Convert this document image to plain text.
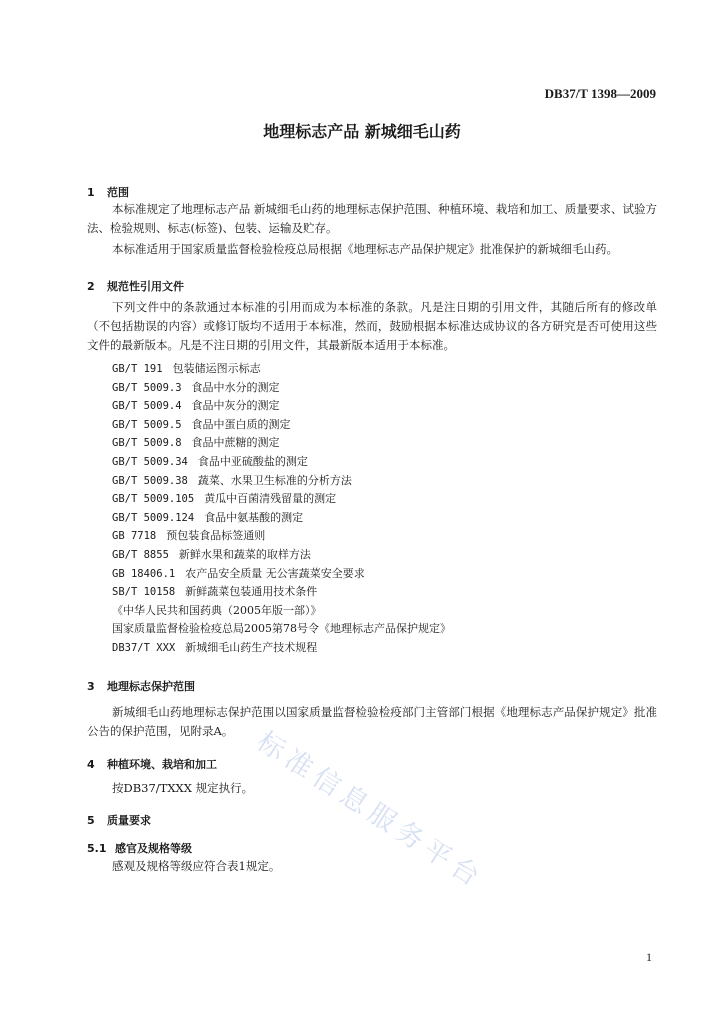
DB37/T 1398—2009
地理标志产品 新城细毛山药
1 范围

本标准规定了地理标志产品 新城细毛山药的地理标志保护范围、种植环境、栽培和加工、质量要求、试验方法、检验规则、标志(标签)、包装、运输及贮存。

本标准适用于国家质量监督检验检疫总局根据《地理标志产品保护规定》批准保护的新城细毛山药。

2 规范性引用文件

下列文件中的条款通过本标准的引用而成为本标准的条款。凡是注日期的引用文件，其随后所有的修改单（不包括勘误的内容）或修订版均不适用于本标准，然而，鼓励根据本标准达成协议的各方研究是否可使用这些文件的最新版本。凡是不注日期的引用文件，其最新版本适用于本标准。

GB/T 191 包装储运图示标志
GB/T 5009.3 食品中水分的测定
GB/T 5009.4 食品中灰分的测定
GB/T 5009.5 食品中蛋白质的测定
GB/T 5009.8 食品中蔗糖的测定
GB/T 5009.34 食品中亚硫酸盐的测定
GB/T 5009.38 蔬菜、水果卫生标准的分析方法
GB/T 5009.105 黄瓜中百菌清残留量的测定
GB/T 5009.124 食品中氨基酸的测定
GB 7718 预包装食品标签通则
GB/T 8855 新鲜水果和蔬菜的取样方法
GB 18406.1 农产品安全质量 无公害蔬菜安全要求
SB/T 10158 新鲜蔬菜包装通用技术条件
《中华人民共和国药典（2005年版一部）》
国家质量监督检验检疫总局2005第78号令《地理标志产品保护规定》
DB37/T XXX 新城细毛山药生产技术规程
3 地理标志保护范围

新城细毛山药地理标志保护范围以国家质量监督检验检疫部门主管部门根据《地理标志产品保护规定》批准公告的保护范围，见附录A。

4 种植环境、栽培和加工
按DB37/TXXX 规定执行。
5 质量要求
5.1 感官及规格等级
感观及规格等级应符合表1规定。
1
标准信息服务平台
